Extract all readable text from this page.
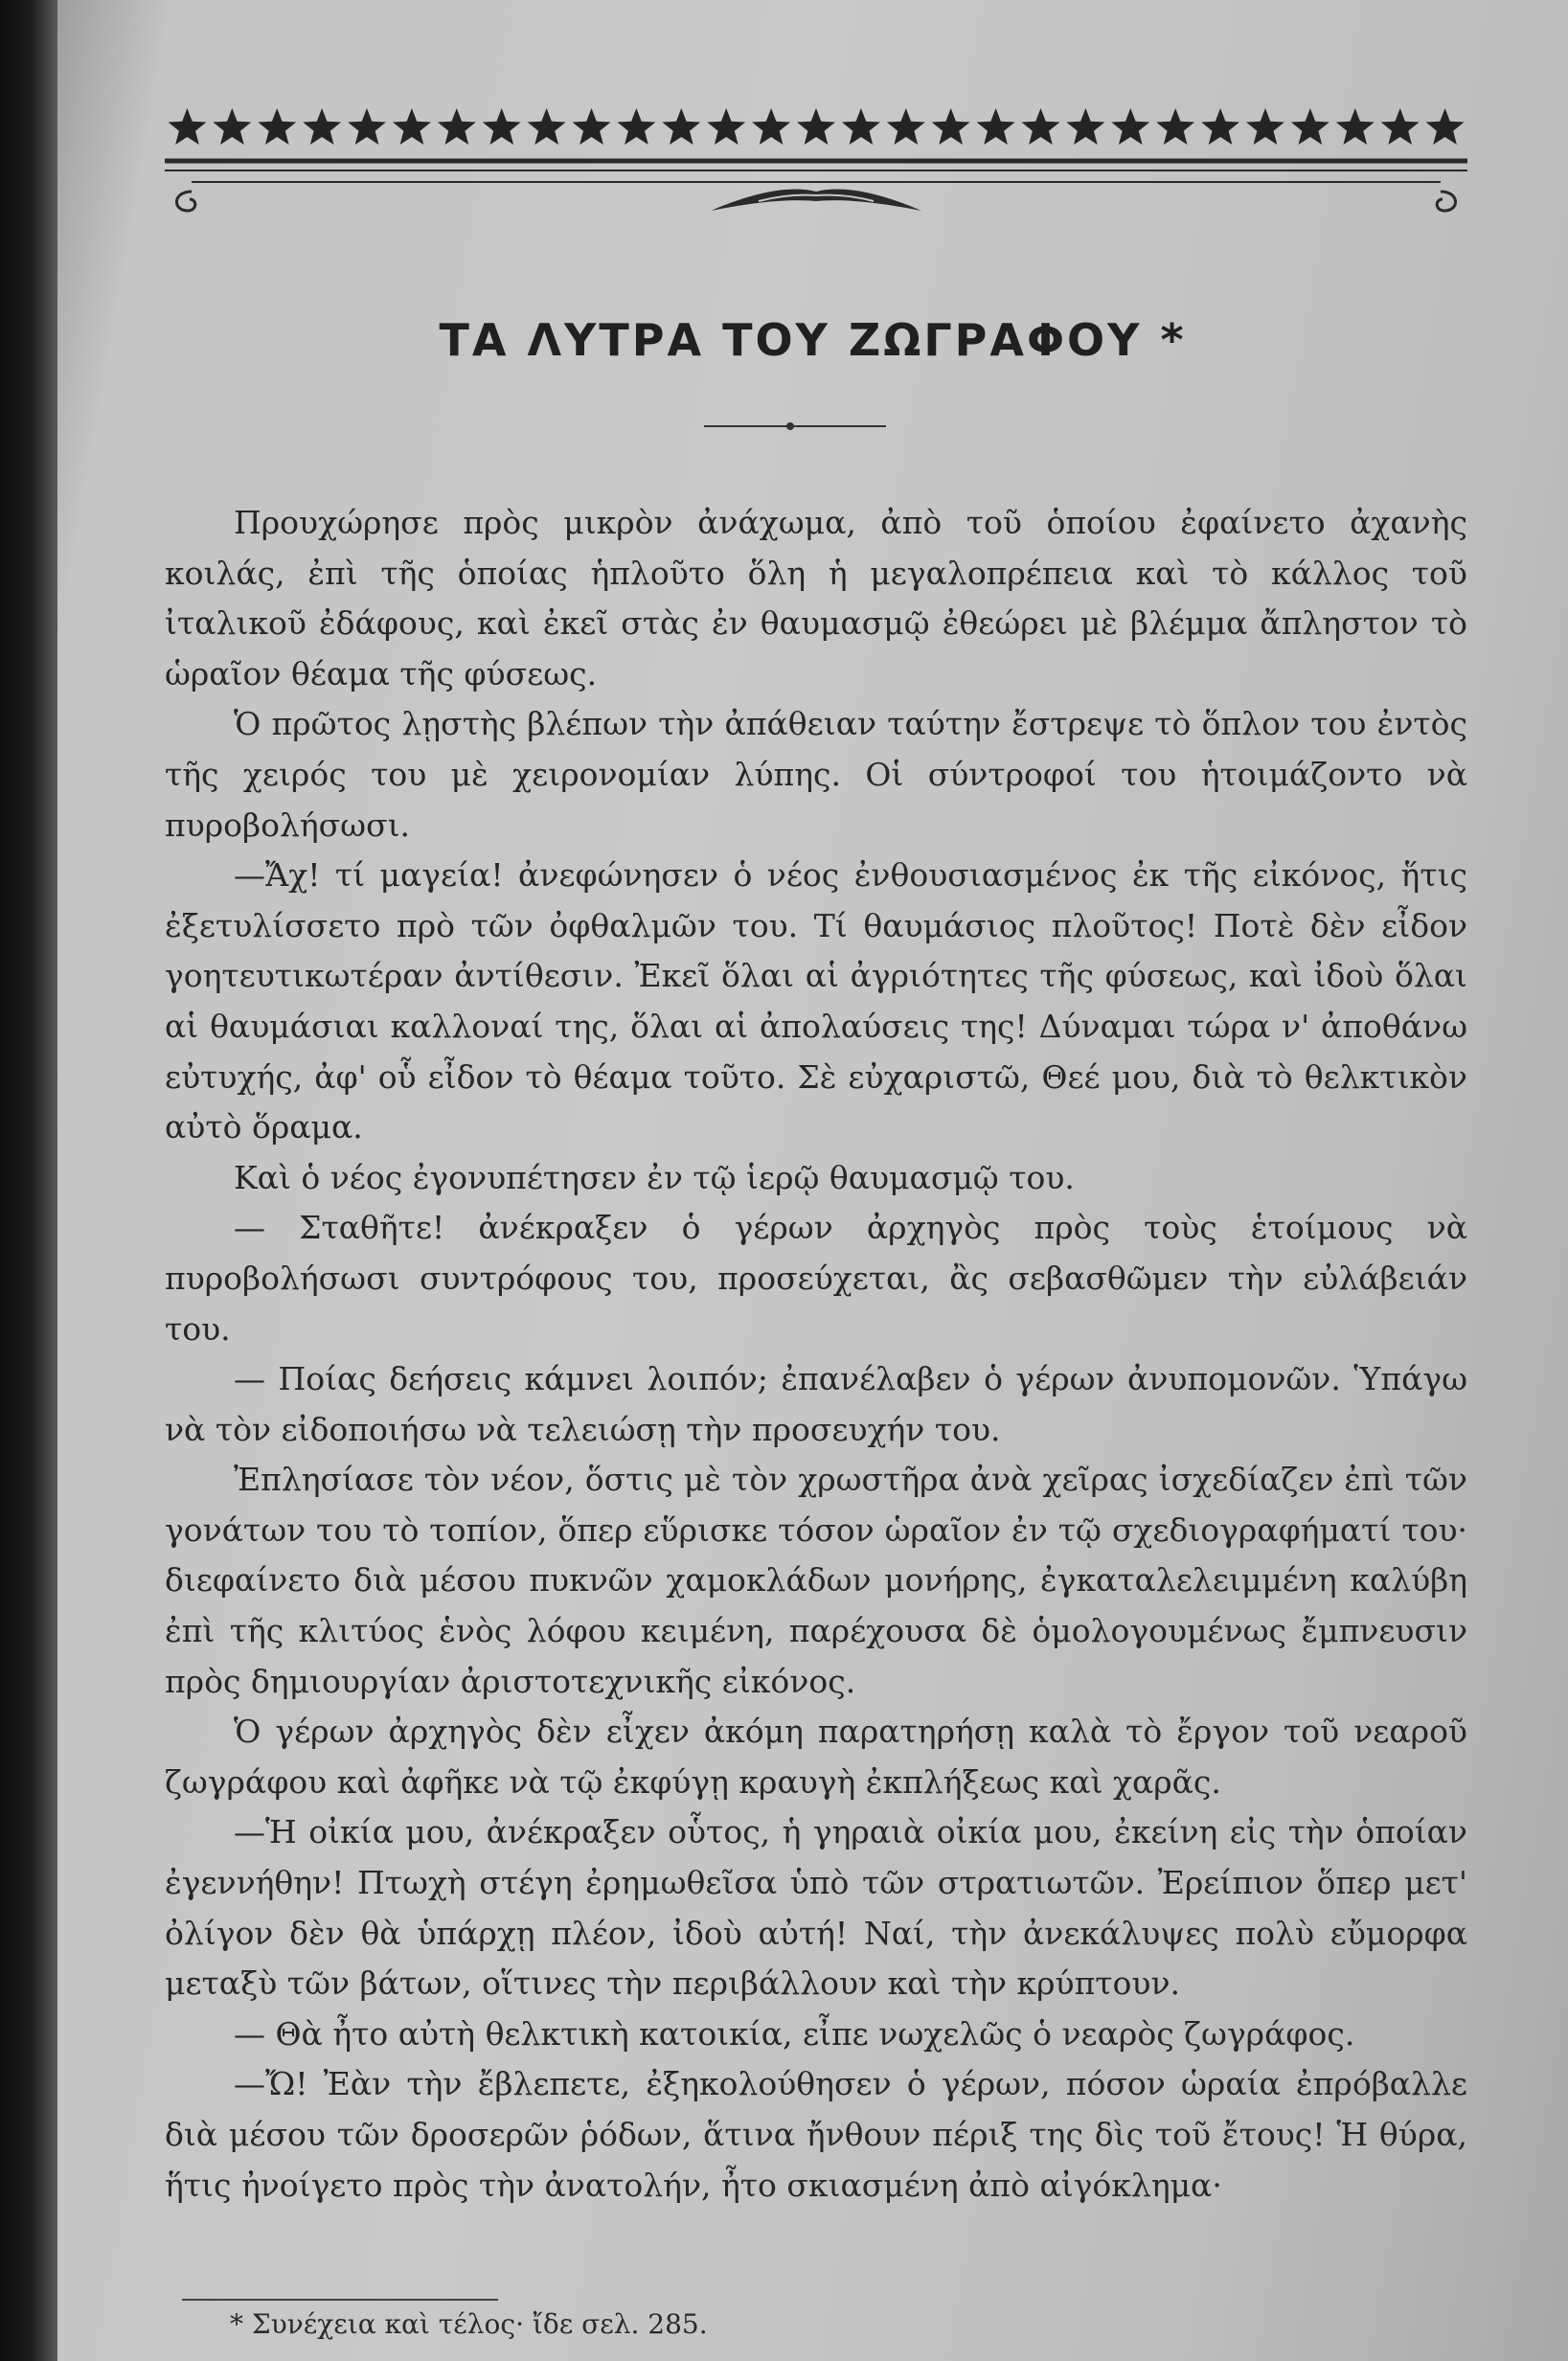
ΤΑ ΛΥΤΡΑ ΤΟΥ ΖΩΓΡΑΦΟΥ *

Προυχώρησε πρὸς μικρὸν ἀνάχωμα, ἀπὸ τοῦ ὁποίου ἐφαίνετο ἀχανὴς κοιλάς, ἐπὶ τῆς ὁποίας ἡπλοῦτο ὅλη ἡ μεγαλοπρέπεια καὶ τὸ κάλλος τοῦ ἰταλικοῦ ἐδάφους, καὶ ἐκεῖ στὰς ἐν θαυμασμῷ ἐθεώρει μὲ βλέμμα ἄπληστον τὸ ὡραῖον θέαμα τῆς φύσεως.

Ὁ πρῶτος λῃστὴς βλέπων τὴν ἀπάθειαν ταύτην ἔστρεψε τὸ ὅπλον του ἐντὸς τῆς χειρός του μὲ χειρονομίαν λύπης. Οἱ σύντροφοί του ἡτοιμάζοντο νὰ πυροβολήσωσι.

—Ἄχ! τί μαγεία! ἀνεφώνησεν ὁ νέος ἐνθουσιασμένος ἐκ τῆς εἰκόνος, ἥτις ἐξετυλίσσετο πρὸ τῶν ὀφθαλμῶν του. Τί θαυμάσιος πλοῦτος! Ποτὲ δὲν εἶδον γοητευτικωτέραν ἀντίθεσιν. Ἐκεῖ ὅλαι αἱ ἀγριότητες τῆς φύσεως, καὶ ἰδοὺ ὅλαι αἱ θαυμάσιαι καλλοναί της, ὅλαι αἱ ἀπολαύσεις της! Δύναμαι τώρα ν' ἀποθάνω εὐτυχής, ἀφ' οὗ εἶδον τὸ θέαμα τοῦτο. Σὲ εὐχαριστῶ, Θεέ μου, διὰ τὸ θελκτικὸν αὐτὸ ὅραμα.

Καὶ ὁ νέος ἐγονυπέτησεν ἐν τῷ ἱερῷ θαυμασμῷ του.

— Σταθῆτε! ἀνέκραξεν ὁ γέρων ἀρχηγὸς πρὸς τοὺς ἑτοίμους νὰ πυροβολήσωσι συντρόφους του, προσεύχεται, ἂς σεβασθῶμεν τὴν εὐλάβειάν του.

— Ποίας δεήσεις κάμνει λοιπόν; ἐπανέλαβεν ὁ γέρων ἀνυπομονῶν. Ὑπάγω νὰ τὸν εἰδοποιήσω νὰ τελειώσῃ τὴν προσευχήν του.

Ἐπλησίασε τὸν νέον, ὅστις μὲ τὸν χρωστῆρα ἀνὰ χεῖρας ἰσχεδίαζεν ἐπὶ τῶν γονάτων του τὸ τοπίον, ὅπερ εὕρισκε τόσον ὡραῖον ἐν τῷ σχεδιογραφήματί του· διεφαίνετο διὰ μέσου πυκνῶν χαμοκλάδων μονήρης, ἐγκαταλελειμμένη καλύβη ἐπὶ τῆς κλιτύος ἑνὸς λόφου κειμένη, παρέχουσα δὲ ὁμολογουμένως ἔμπνευσιν πρὸς δημιουργίαν ἀριστοτεχνικῆς εἰκόνος.

Ὁ γέρων ἀρχηγὸς δὲν εἶχεν ἀκόμη παρατηρήσῃ καλὰ τὸ ἔργον τοῦ νεαροῦ ζωγράφου καὶ ἀφῆκε νὰ τῷ ἐκφύγῃ κραυγὴ ἐκπλήξεως καὶ χαρᾶς.

—Ἡ οἰκία μου, ἀνέκραξεν οὗτος, ἡ γηραιὰ οἰκία μου, ἐκείνη εἰς τὴν ὁποίαν ἐγεννήθην! Πτωχὴ στέγη ἐρημωθεῖσα ὑπὸ τῶν στρατιωτῶν. Ἐρείπιον ὅπερ μετ' ὀλίγον δὲν θὰ ὑπάρχῃ πλέον, ἰδοὺ αὐτή! Ναί, τὴν ἀνεκάλυψες πολὺ εὔμορφα μεταξὺ τῶν βάτων, οἵτινες τὴν περιβάλλουν καὶ τὴν κρύπτουν.

— Θὰ ἦτο αὐτὴ θελκτικὴ κατοικία, εἶπε νωχελῶς ὁ νεαρὸς ζωγράφος.

—Ὤ! Ἐὰν τὴν ἔβλεπετε, ἐξηκολούθησεν ὁ γέρων, πόσον ὡραία ἐπρόβαλλε διὰ μέσου τῶν δροσερῶν ῥόδων, ἅτινα ἤνθουν πέριξ της δὶς τοῦ ἔτους! Ἡ θύρα, ἥτις ἠνοίγετο πρὸς τὴν ἀνατολήν, ἦτο σκιασμένη ἀπὸ αἰγόκλημα·

* Συνέχεια καὶ τέλος· ἴδε σελ. 285.
